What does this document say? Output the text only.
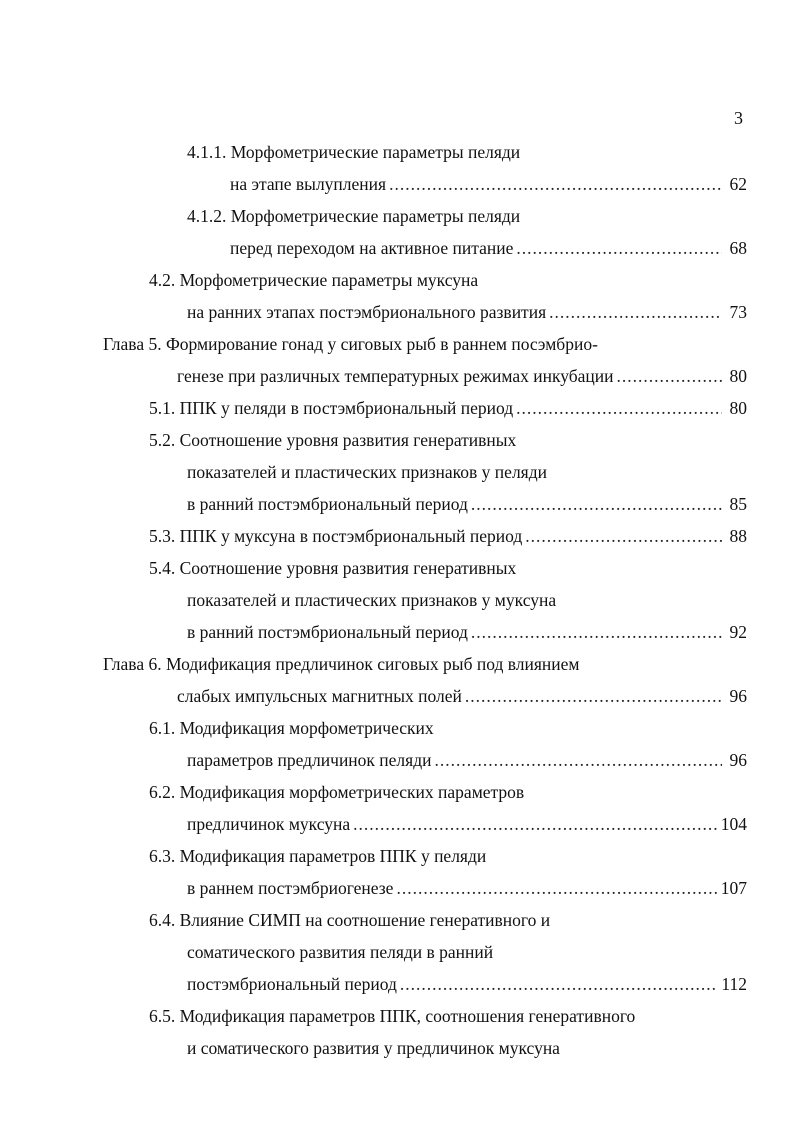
3
4.1.1. Морфометрические параметры пеляди
на этапе вылупления .....	62
4.1.2. Морфометрические параметры пеляди
перед переходом на активное питание .....	68
4.2. Морфометрические параметры муксуна
на ранних этапах постэмбрионального развития .....	73
Глава 5. Формирование гонад у сиговых рыб в раннем посэмбрио-
генезе при различных температурных режимах инкубации .....	80
5.1. ППК у пеляди в постэмбриональный период .....	80
5.2. Соотношение уровня развития генеративных
показателей и пластических признаков у пеляди
в ранний постэмбриональный период .....	85
5.3. ППК у муксуна в постэмбриональный период .....	88
5.4. Соотношение уровня развития генеративных
показателей и пластических признаков у муксуна
в ранний постэмбриональный период .....	92
Глава 6. Модификация предличинок сиговых рыб под влиянием
слабых импульсных магнитных полей .....	96
6.1. Модификация морфометрических
параметров предличинок пеляди .....	96
6.2. Модификация морфометрических параметров
предличинок муксуна .....	104
6.3. Модификация параметров ППК у пеляди
в раннем постэмбриогенезе .....	107
6.4. Влияние СИМП на соотношение генеративного и
соматического развития пеляди в ранний
постэмбриональный период .....	112
6.5. Модификация параметров ППК, соотношения генеративного
и соматического развития у предличинок муксуна
